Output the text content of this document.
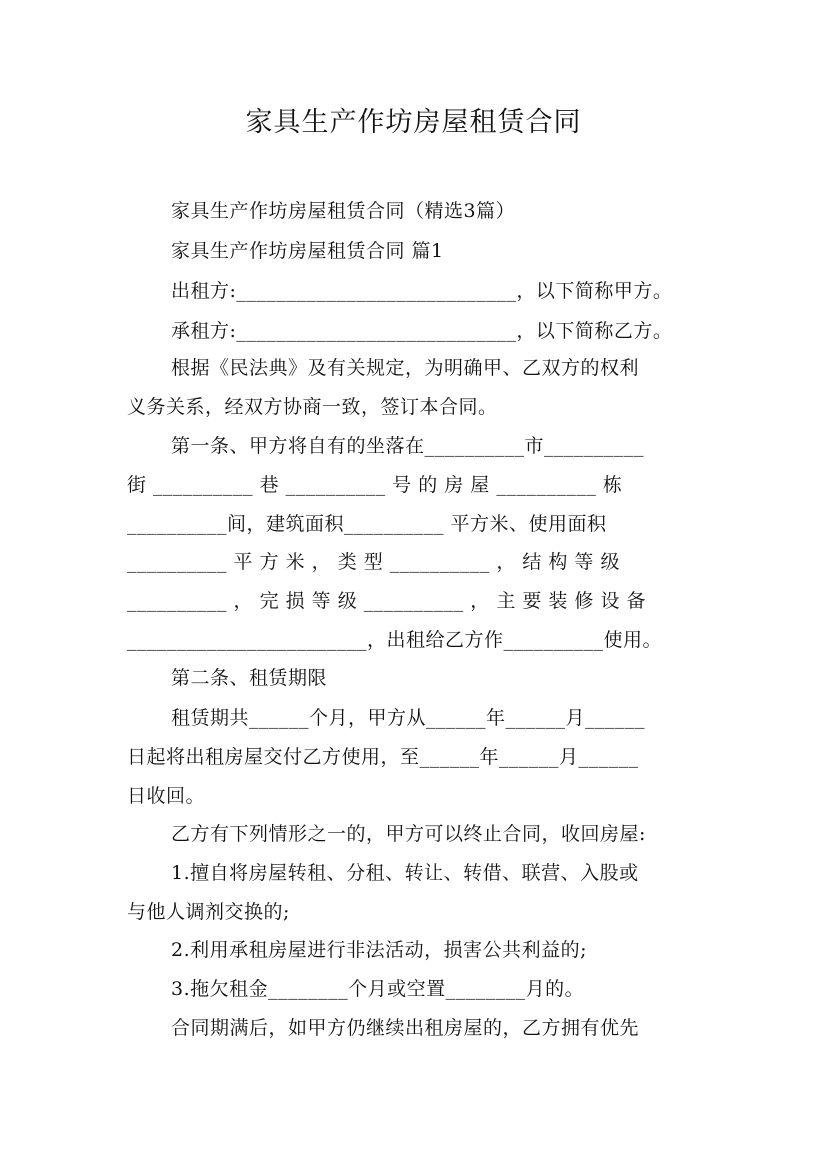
家具生产作坊房屋租赁合同

家具生产作坊房屋租赁合同（精选3篇）

家具生产作坊房屋租赁合同 篇1

出租方:____________________________，以下简称甲方。

承租方:____________________________，以下简称乙方。

根据《民法典》及有关规定，为明确甲、乙双方的权利

义务关系，经双方协商一致，签订本合同。

第一条、甲方将自有的坐落在__________市__________

街 __________ 巷 __________ 号 的 房 屋 __________ 栋

__________间，建筑面积__________ 平方米、使用面积

__________ 平 方 米 ， 类 型 __________ ， 结 构 等 级

__________ ， 完 损 等 级 __________ ， 主 要 装 修 设 备

________________________，出租给乙方作__________使用。

第二条、租赁期限

租赁期共______个月，甲方从______年______月______

日起将出租房屋交付乙方使用，至______年______月______

日收回。

乙方有下列情形之一的，甲方可以终止合同，收回房屋:

1.擅自将房屋转租、分租、转让、转借、联营、入股或

与他人调剂交换的;

2.利用承租房屋进行非法活动，损害公共利益的;

3.拖欠租金________个月或空置________月的。

合同期满后，如甲方仍继续出租房屋的，乙方拥有优先
